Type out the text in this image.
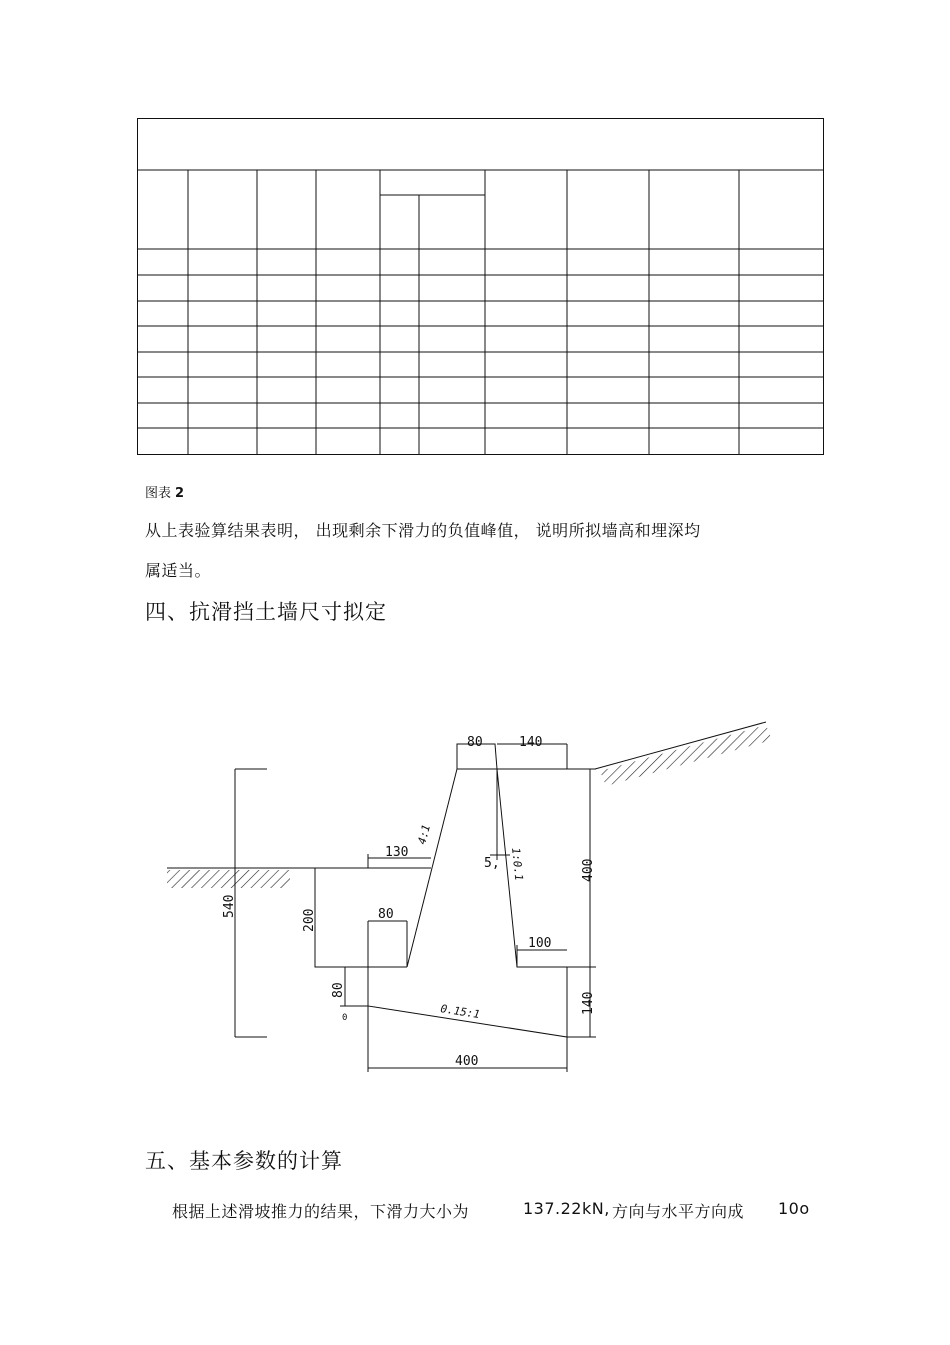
图表 2
从上表验算结果表明， 出现剩余下滑力的负值峰值， 说明所拟墙高和埋深均
属适当。
四、抗滑挡土墙尺寸拟定
80	140
130
4:1
5, 1:0.1	400
540
200	80
100
80
0	0.15:1	140
400
五、基本参数的计算
根据上述滑坡推力的结果，下滑力大小为	137.22kN, 方向与水平方向成 10o
